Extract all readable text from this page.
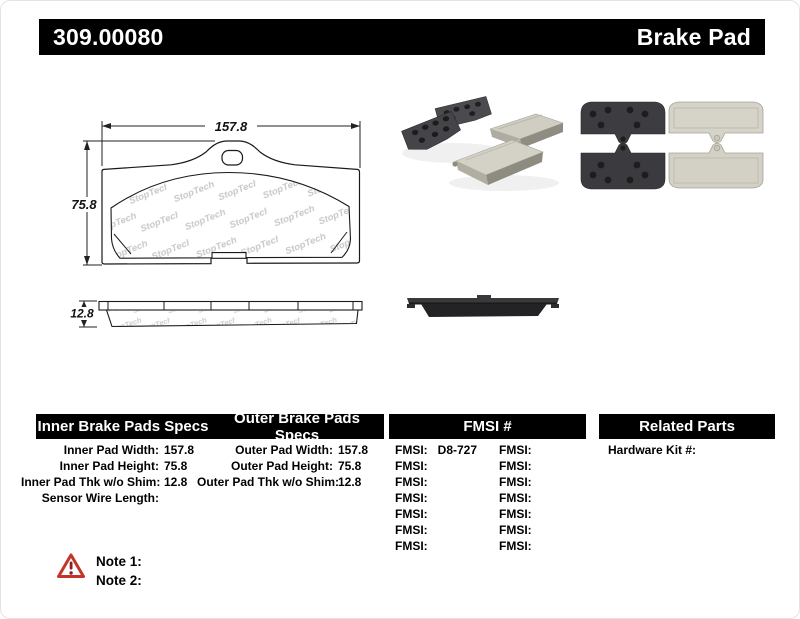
309.00080	Brake Pad
157.8
75.8
12.8
Inner Brake Pads Specs	Outer Brake Pads Specs	FMSI #	Related Parts
Inner Pad Width: 157.8
Inner Pad Height: 75.8
Inner Pad Thk w/o Shim: 12.8
Sensor Wire Length:
Outer Pad Width: 157.8
Outer Pad Height: 75.8
Outer Pad Thk w/o Shim:
12.8
FMSI: D8-727
FMSI:
FMSI:
FMSI:
FMSI:
FMSI:
FMSI:
FMSI:
FMSI:
FMSI:
FMSI:
FMSI:
FMSI:
FMSI:
Hardware Kit #:
Note 1:
Note 2:
